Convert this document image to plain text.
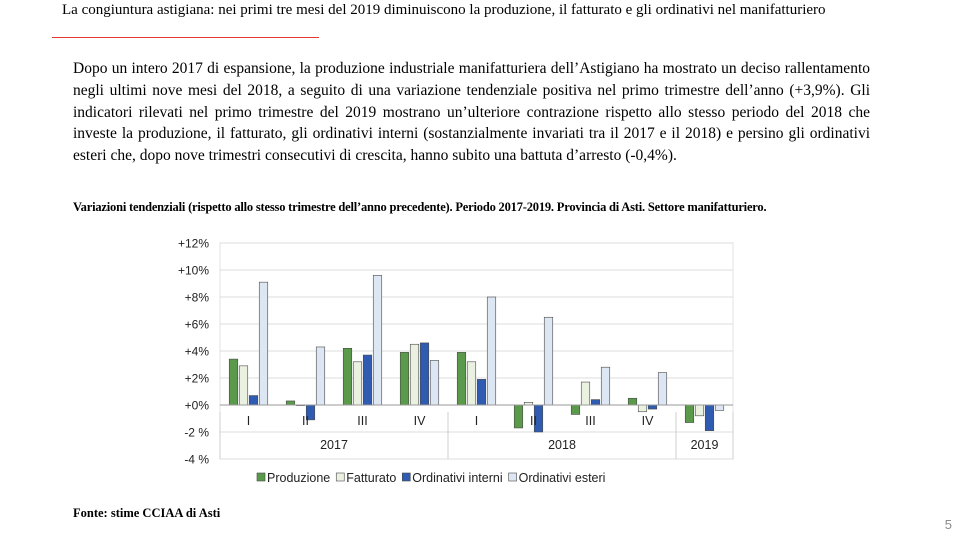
La congiuntura astigiana: nei primi tre mesi del 2019 diminuiscono la produzione, il fatturato e gli ordinativi nel manifatturiero
Dopo un intero 2017 di espansione, la produzione industriale manifatturiera dell’Astigiano ha mostrato un deciso rallentamento negli ultimi nove mesi del 2018, a seguito di una variazione tendenziale positiva nel primo trimestre dell’anno (+3,9%). Gli indicatori rilevati nel primo trimestre del 2019 mostrano un’ulteriore contrazione rispetto allo stesso periodo del 2018 che investe la produzione, il fatturato, gli ordinativi interni (sostanzialmente invariati tra il 2017 e il 2018) e persino gli ordinativi esteri che, dopo nove trimestri consecutivi di crescita, hanno subito una battuta d’arresto (-0,4%).
Variazioni tendenziali (rispetto allo stesso trimestre dell’anno precedente). Periodo 2017-2019. Provincia di Asti. Settore manifatturiero.
-4 %
-2 %
+0%
+2%
+4%
+6%
+8%
+10%
+12%
I	II	III	IV	I	II	III	IV
2017	2018	2019
Produzione Fatturato Ordinativi interni Ordinativi esteri
Fonte: stime CCIAA di Asti
5
